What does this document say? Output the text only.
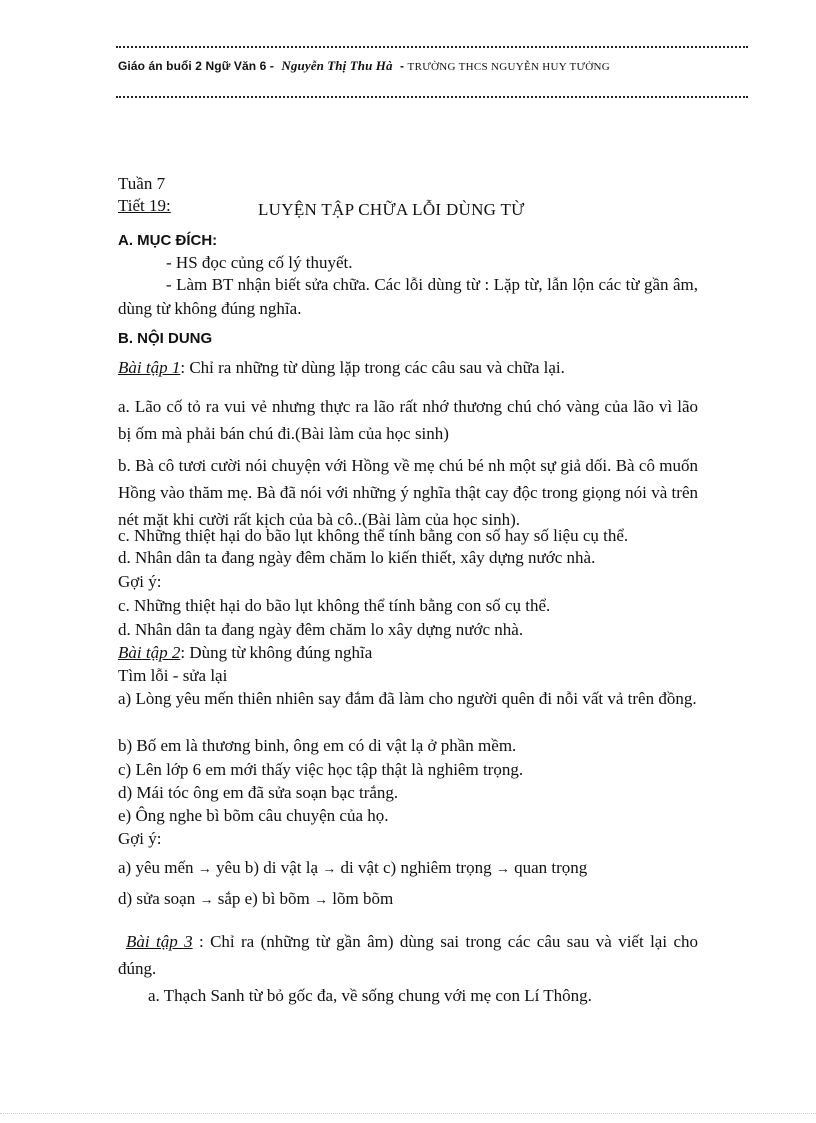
Giáo án buổi 2 Ngữ Văn 6 - Nguyễn Thị Thu Hà - TRƯỜNG THCS NGUYỄN HUY TƯỞNG
Tuần 7
Tiết 19:	LUYỆN TẬP CHỮA LỖI DÙNG TỪ
A. MỤC ĐÍCH:
- HS đọc củng cố lý thuyết.
- Làm BT nhận biết sửa chữa. Các lỗi dùng từ : Lặp từ, lẫn lộn các từ gần âm, dùng từ không đúng nghĩa.
B. NỘI DUNG
Bài tập 1: Chỉ ra những từ dùng lặp trong các câu sau và chữa lại.
a. Lão cố tỏ ra vui vẻ nhưng thực ra lão rất nhớ thương chú chó vàng của lão vì lão bị ốm mà phải bán chú đi.(Bài làm của học sinh)
b. Bà cô tươi cười nói chuyện với Hồng về mẹ chú bé nh một sự giả dối. Bà cô muốn Hồng vào thăm mẹ. Bà đã nói với những ý nghĩa thật cay độc trong giọng nói và trên nét mặt khi cười rất kịch của bà cô..(Bài làm của học sinh).
c. Những thiệt hại do bão lụt không thể tính bằng con số hay số liệu cụ thể.
d. Nhân dân ta đang ngày đêm chăm lo kiến thiết, xây dựng nước nhà.
Gợi ý:
c. Những thiệt hại do bão lụt không thể tính bằng con số cụ thể.
d. Nhân dân ta đang ngày đêm chăm lo xây dựng nước nhà.
Bài tập 2: Dùng từ không đúng nghĩa
Tìm lỗi - sửa lại
a) Lòng yêu mến thiên nhiên say đắm đã làm cho người quên đi nỗi vất vả trên đồng.
b) Bố em là thương binh, ông em có di vật lạ ở phần mềm.
c) Lên lớp 6 em mới thấy việc học tập thật là nghiêm trọng.
d) Mái tóc ông em đã sửa soạn bạc trắng.
e) Ông nghe bì bõm câu chuyện của họ.
Gợi ý:
a) yêu mến → yêu b) di vật lạ → di vật c) nghiêm trọng → quan trọng
d) sửa soạn → sắp e) bì bõm → lõm bõm
Bài tập 3 : Chỉ ra (những từ gần âm) dùng sai trong các câu sau và viết lại cho đúng.
a. Thạch Sanh từ bỏ gốc đa, về sống chung với mẹ con Lí Thông.
